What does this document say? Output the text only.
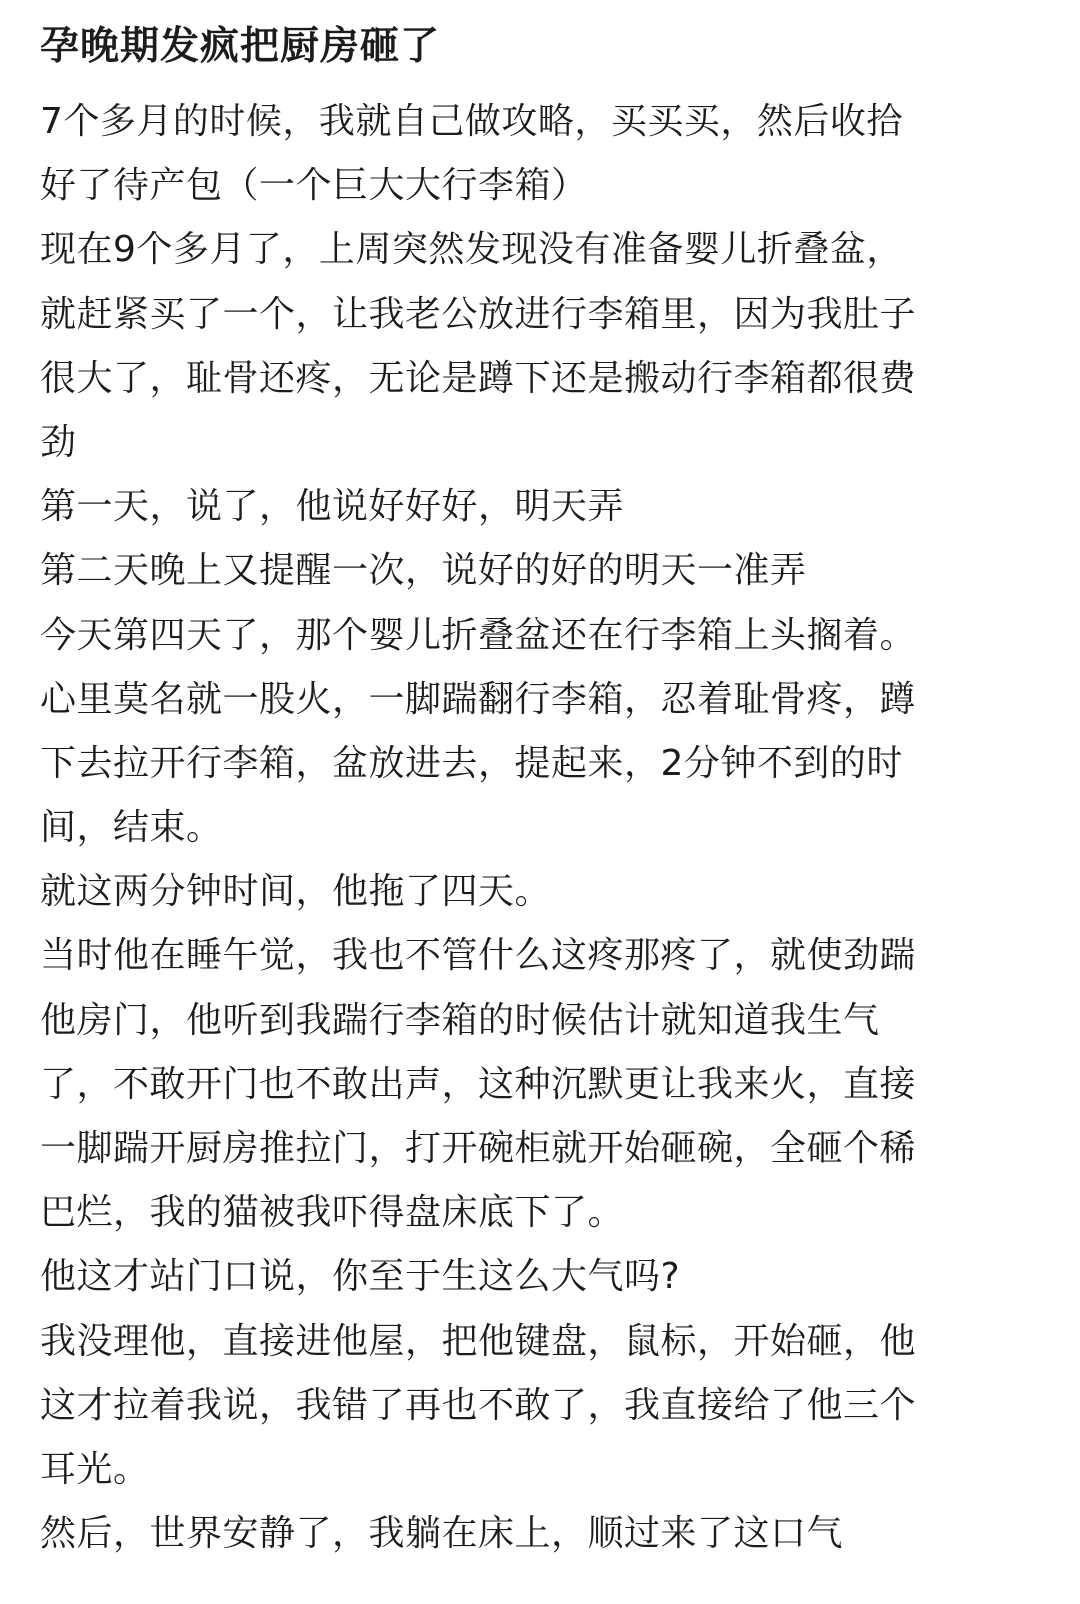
孕晚期发疯把厨房砸了
7个多月的时候，我就自己做攻略，买买买，然后收拾
好了待产包（一个巨大大行李箱）
现在9个多月了，上周突然发现没有准备婴儿折叠盆，
就赶紧买了一个，让我老公放进行李箱里，因为我肚子
很大了，耻骨还疼，无论是蹲下还是搬动行李箱都很费
劲
第一天，说了，他说好好好，明天弄
第二天晚上又提醒一次，说好的好的明天一准弄
今天第四天了，那个婴儿折叠盆还在行李箱上头搁着。
心里莫名就一股火，一脚踹翻行李箱，忍着耻骨疼，蹲
下去拉开行李箱，盆放进去，提起来，2分钟不到的时
间，结束。
就这两分钟时间，他拖了四天。
当时他在睡午觉，我也不管什么这疼那疼了，就使劲踹
他房门，他听到我踹行李箱的时候估计就知道我生气
了，不敢开门也不敢出声，这种沉默更让我来火，直接
一脚踹开厨房推拉门，打开碗柜就开始砸碗，全砸个稀
巴烂，我的猫被我吓得盘床底下了。
他这才站门口说，你至于生这么大气吗?
我没理他，直接进他屋，把他键盘，鼠标，开始砸，他
这才拉着我说，我错了再也不敢了，我直接给了他三个
耳光。
然后，世界安静了，我躺在床上，顺过来了这口气
